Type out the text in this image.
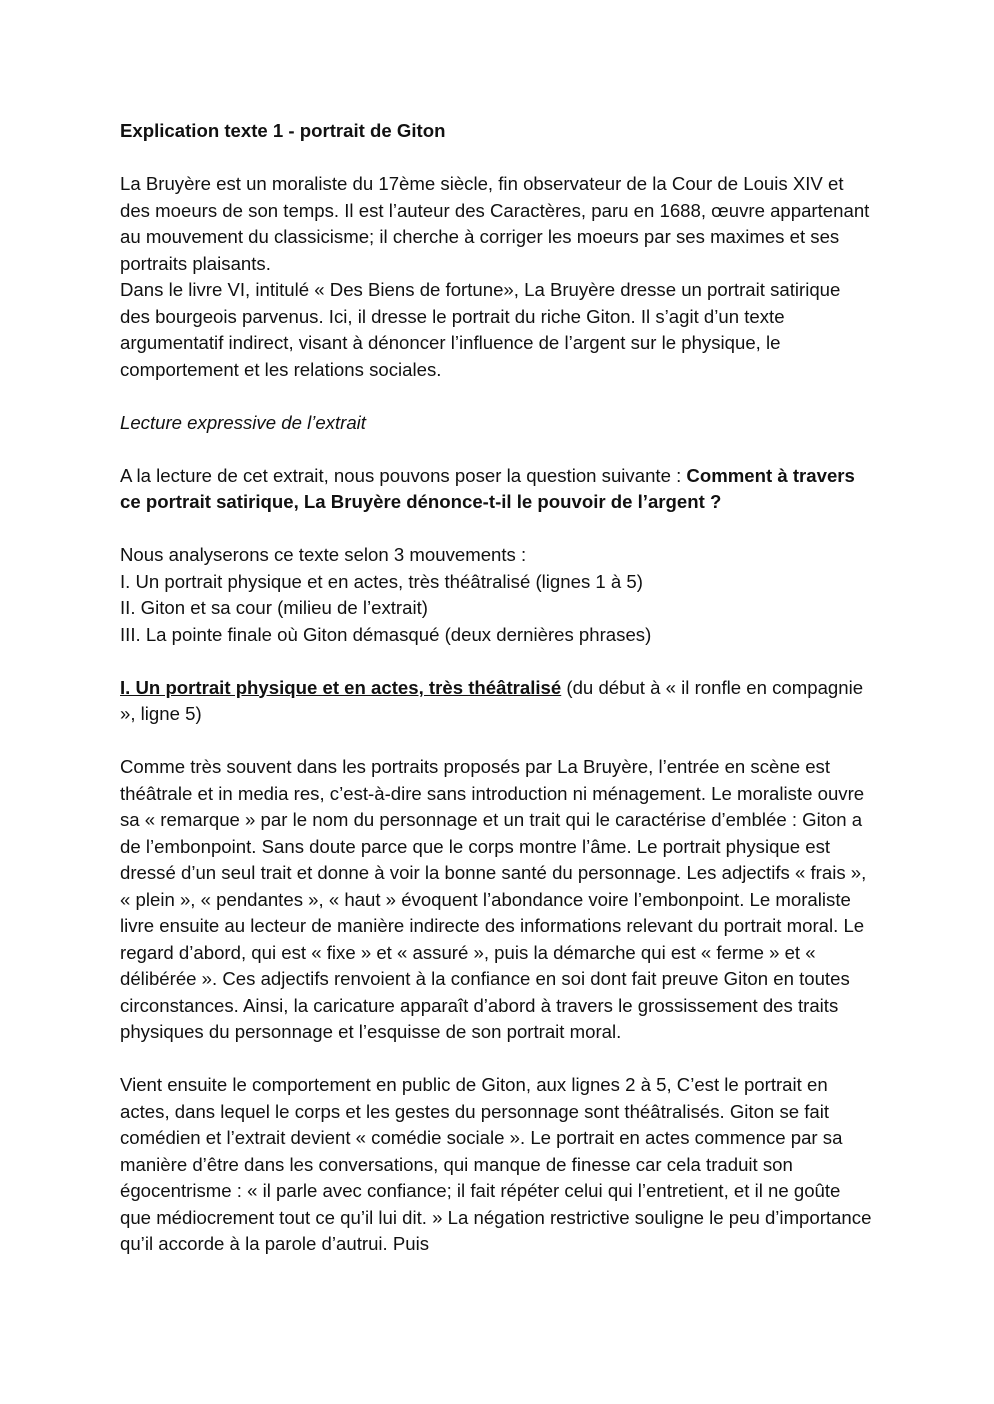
Explication texte 1 - portrait de Giton

La Bruyère est un moraliste du 17ème siècle, fin observateur de la Cour de Louis XIV et des moeurs de son temps. Il est l’auteur des Caractères, paru en 1688, œuvre appartenant au mouvement du classicisme; il cherche à corriger les moeurs par ses maximes et ses portraits plaisants.

Dans le livre VI, intitulé « Des Biens de fortune», La Bruyère dresse un portrait satirique des bourgeois parvenus. Ici, il dresse le portrait du riche Giton. Il s’agit d’un texte argumentatif indirect, visant à dénoncer l’influence de l’argent sur le physique, le comportement et les relations sociales.

Lecture expressive de l’extrait

A la lecture de cet extrait, nous pouvons poser la question suivante : Comment à travers ce portrait satirique, La Bruyère dénonce-t-il le pouvoir de l’argent ?

Nous analyserons ce texte selon 3 mouvements :

I. Un portrait physique et en actes, très théâtralisé (lignes 1 à 5)

II. Giton et sa cour (milieu de l’extrait)

III. La pointe finale où Giton démasqué (deux dernières phrases)

I. Un portrait physique et en actes, très théâtralisé (du début à « il ronfle en compagnie », ligne 5)

Comme très souvent dans les portraits proposés par La Bruyère, l’entrée en scène est théâtrale et in media res, c’est-à-dire sans introduction ni ménagement. Le moraliste ouvre sa « remarque » par le nom du personnage et un trait qui le caractérise d’emblée : Giton a de l’embonpoint. Sans doute parce que le corps montre l’âme. Le portrait physique est dressé d’un seul trait et donne à voir la bonne santé du personnage. Les adjectifs « frais », « plein », « pendantes », « haut » évoquent l’abondance voire l’embonpoint. Le moraliste livre ensuite au lecteur de manière indirecte des informations relevant du portrait moral. Le regard d’abord, qui est « fixe » et « assuré », puis la démarche qui est « ferme » et « délibérée ». Ces adjectifs renvoient à la confiance en soi dont fait preuve Giton en toutes circonstances. Ainsi, la caricature apparaît d’abord à travers le grossissement des traits physiques du personnage et l’esquisse de son portrait moral.

Vient ensuite le comportement en public de Giton, aux lignes 2 à 5, C’est le portrait en actes, dans lequel le corps et les gestes du personnage sont théâtralisés. Giton se fait comédien et l’extrait devient « comédie sociale ». Le portrait en actes commence par sa manière d’être dans les conversations, qui manque de finesse car cela traduit son égocentrisme : « il parle avec confiance; il fait répéter celui qui l’entretient, et il ne goûte que médiocrement tout ce qu’il lui dit. » La négation restrictive souligne le peu d’importance qu’il accorde à la parole d’autrui. Puis
